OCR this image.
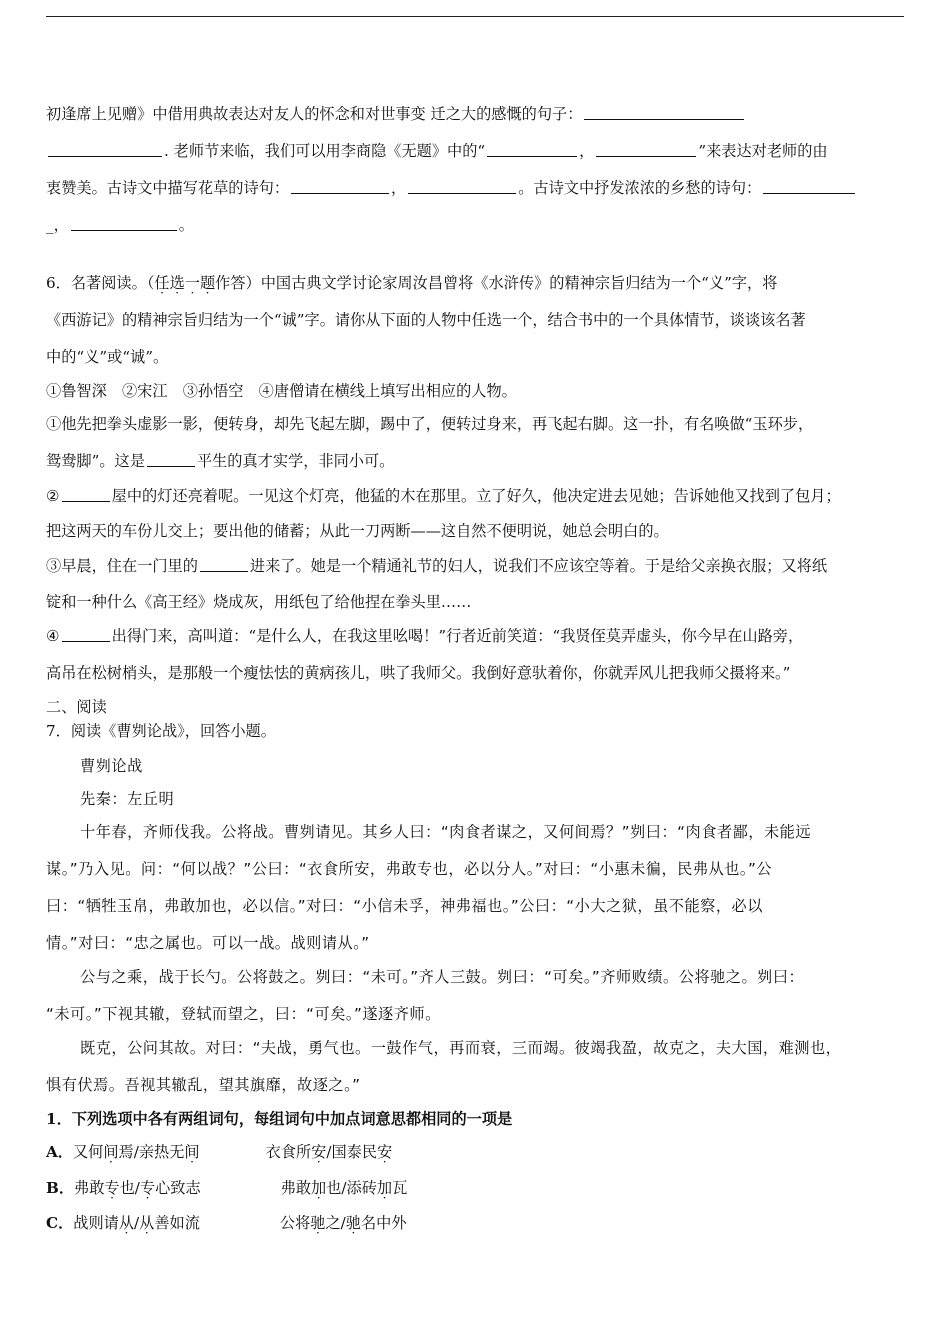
初逢席上见赠》中借用典故表达对友人的怀念和对世事变 迁之大的感慨的句子：
. 老师节来临，我们可以用李商隐《无题》中的“	，	”来表达对老师的由
衷赞美。古诗文中描写花草的诗句：	，	。古诗文中抒发浓浓的乡愁的诗句：
_，	。
6．名著阅读。（任选一题作答）中国古典文学讨论家周汝昌曾将《水浒传》的精神宗旨归结为一个“义”字，将
《西游记》的精神宗旨归结为一个“诚”字。请你从下面的人物中任选一个，结合书中的一个具体情节，谈谈该名著
中的“义”或“诚”。
①鲁智深　②宋江　③孙悟空　④唐僧请在横线上填写出相应的人物。
①他先把拳头虚影一影，便转身，却先飞起左脚，踢中了，便转过身来，再飞起右脚。这一扑，有名唤做“玉环步，
鸳鸯脚”。这是	平生的真才实学，非同小可。
②	屋中的灯还亮着呢。一见这个灯亮，他猛的木在那里。立了好久，他决定进去见她；告诉她他又找到了包月；
把这两天的车份儿交上；要出他的储蓄；从此一刀两断——这自然不便明说，她总会明白的。
③早晨，住在一门里的	进来了。她是一个精通礼节的妇人，说我们不应该空等着。于是给父亲换衣服；又将纸
锭和一种什么《高王经》烧成灰，用纸包了给他捏在拳头里……
④	出得门来，高叫道：“是什么人，在我这里吆喝！”行者近前笑道：“我贤侄莫弄虚头，你今早在山路旁，
高吊在松树梢头，是那般一个瘦怯怯的黄病孩儿，哄了我师父。我倒好意驮着你，你就弄风儿把我师父摄将来。”
二、阅读
7．阅读《曹刿论战》，回答小题。
曹刿论战
先秦：左丘明
十年春，齐师伐我。公将战。曹刿请见。其乡人曰：“肉食者谋之，又何间焉？”刿曰：“肉食者鄙，未能远
谋。”乃入见。问：“何以战？”公曰：“衣食所安，弗敢专也，必以分人。”对曰：“小惠未徧，民弗从也。”公
曰：“牺牲玉帛，弗敢加也，必以信。”对曰：“小信未孚，神弗福也。”公曰：“小大之狱，虽不能察，必以
情。”对曰：“忠之属也。可以一战。战则请从。”
公与之乘，战于长勺。公将鼓之。刿曰：“未可。”齐人三鼓。刿曰：“可矣。”齐师败绩。公将驰之。刿曰：
“未可。”下视其辙，登轼而望之，曰：“可矣。”遂逐齐师。
既克，公问其故。对曰：“夫战，勇气也。一鼓作气，再而衰，三而竭。彼竭我盈，故克之，夫大国，难测也，
惧有伏焉。吾视其辙乱，望其旗靡，故逐之。”
1．下列选项中各有两组词句，每组词句中加点词意思都相同的一项是
A．又何间焉/亲热无间	衣食所安/国泰民安
B．弗敢专也/专心致志	弗敢加也/添砖加瓦
C．战则请从/从善如流	公将驰之/驰名中外
